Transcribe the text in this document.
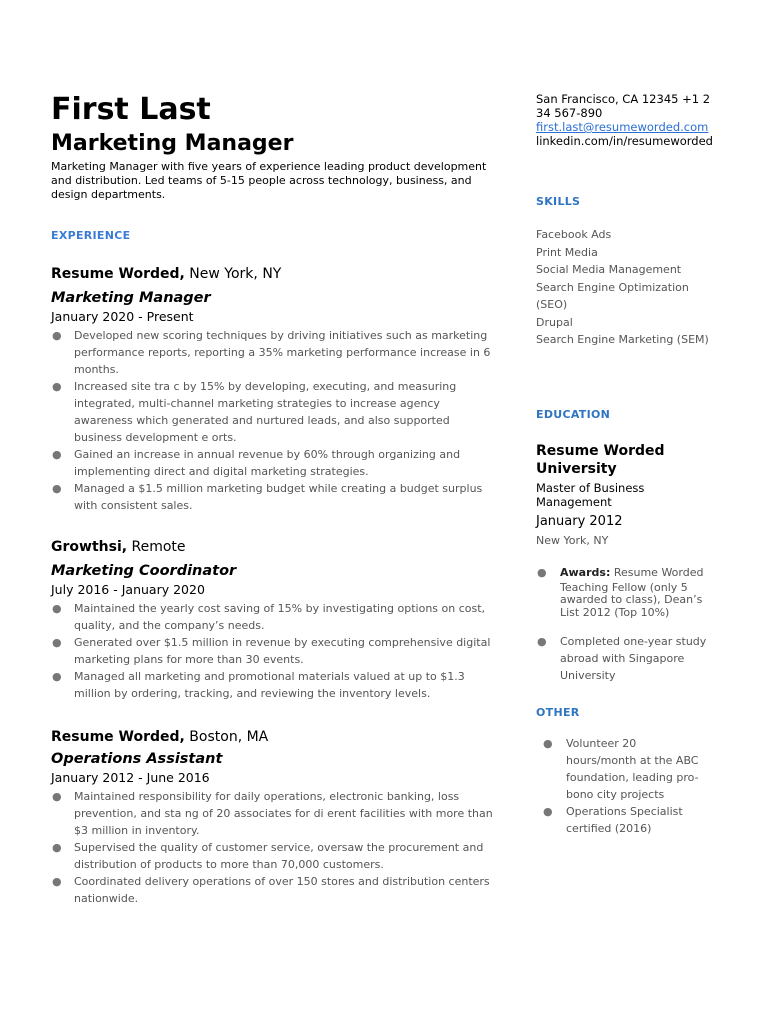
First Last
Marketing Manager

Marketing Manager with five years of experience leading product development and distribution. Led teams of 5-15 people across technology, business, and design departments.

EXPERIENCE
Resume Worded, New York, NY
Marketing Manager
January 2020 - Present
● Developed new scoring techniques by driving initiatives such as marketing performance reports, reporting a 35% marketing performance increase in 6 months.
● Increased site tra c by 15% by developing, executing, and measuring integrated, multi-channel marketing strategies to increase agency awareness which generated and nurtured leads, and also supported business development e orts.
● Gained an increase in annual revenue by 60% through organizing and implementing direct and digital marketing strategies.
● Managed a $1.5 million marketing budget while creating a budget surplus with consistent sales.
Growthsi, Remote
Marketing Coordinator
July 2016 - January 2020
● Maintained the yearly cost saving of 15% by investigating options on cost, quality, and the company’s needs.
● Generated over $1.5 million in revenue by executing comprehensive digital marketing plans for more than 30 events.
● Managed all marketing and promotional materials valued at up to $1.3 million by ordering, tracking, and reviewing the inventory levels.
Resume Worded, Boston, MA
Operations Assistant
January 2012 - June 2016
● Maintained responsibility for daily operations, electronic banking, loss prevention, and sta ng of 20 associates for di erent facilities with more than $3 million in inventory.
● Supervised the quality of customer service, oversaw the procurement and distribution of products to more than 70,000 customers.
● Coordinated delivery operations of over 150 stores and distribution centers nationwide.
San Francisco, CA 12345 +1 234 567-890
first.last@resumeworded.com
linkedin.com/in/resumeworded
SKILLS
Facebook Ads
Print Media
Social Media Management
Search Engine Optimization (SEO)
Drupal
Search Engine Marketing (SEM)
EDUCATION
Resume Worded University
Master of Business Management
January 2012
New York, NY
● Awards: Resume Worded
Teaching Fellow (only 5 awarded to class), Dean’s List 2012 (Top 10%)
● Completed one-year study abroad with Singapore University
OTHER
● Volunteer 20 hours/month at the ABC foundation, leading pro-bono city projects
● Operations Specialist certified (2016)
